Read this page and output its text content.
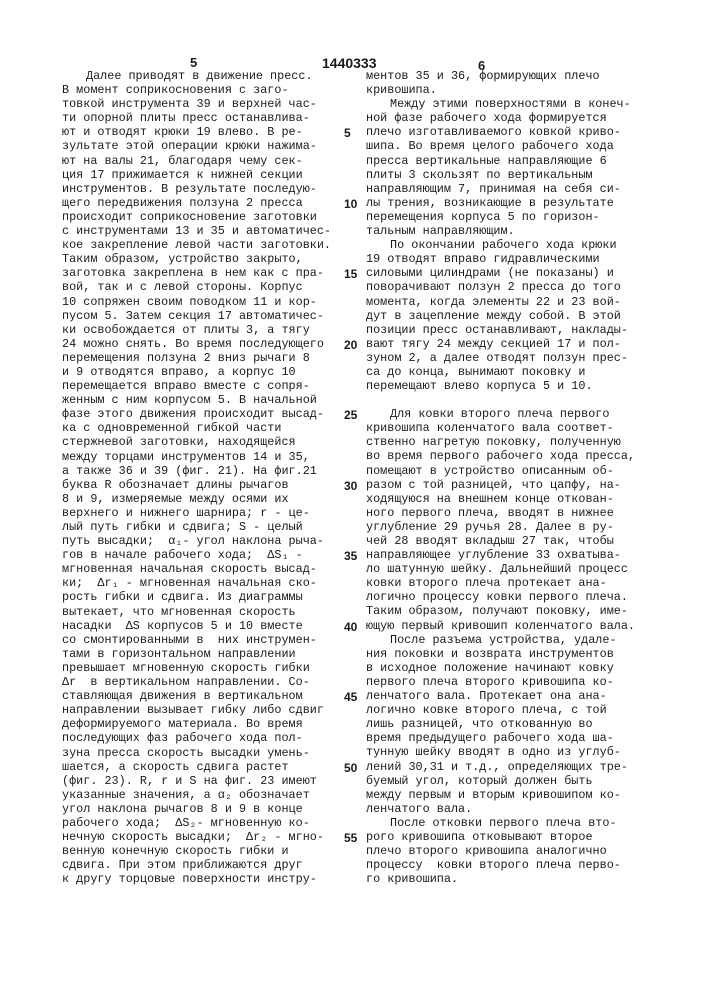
5	1440333	6
Далее приводят в движение пресс.
В момент соприкосновения с заго-
товкой инструмента 39 и верхней час-
ти опорной плиты пресс останавлива-
ют и отводят крюки 19 влево. В ре-
зультате этой операции крюки нажима-
ют на валы 21, благодаря чему сек-
ция 17 прижимается к нижней секции
инструментов. В результате последую-
щего передвижения ползуна 2 пресса
происходит соприкосновение заготовки
с инструментами 13 и 35 и автоматичес-
кое закрепление левой части заготовки.
Таким образом, устройство закрыто,
заготовка закреплена в нем как с пра-
вой, так и с левой стороны. Корпус
10 сопряжен своим поводком 11 и кор-
пусом 5. Затем секция 17 автоматичес-
ки освобождается от плиты 3, а тягу
24 можно снять. Во время последующего
перемещения ползуна 2 вниз рычаги 8
и 9 отводятся вправо, а корпус 10
перемещается вправо вместе с сопря-
женным с ним корпусом 5. В начальной
фазе этого движения происходит высад-
ка с одновременной гибкой части
стержневой заготовки, находящейся
между торцами инструментов 14 и 35,
а также 36 и 39 (фиг. 21). На фиг.21
буква R обозначает длины рычагов
8 и 9, измеряемые между осями их
верхнего и нижнего шарнира; r - це-
лый путь гибки и сдвига; S - целый
путь высадки;  α₁- угол наклона рыча-
гов в начале рабочего хода;  ΔS₁ -
мгновенная начальная скорость высад-
ки;  Δr₁ - мгновенная начальная ско-
рость гибки и сдвига. Из диаграммы
вытекает, что мгновенная скорость
насадки  ΔS корпусов 5 и 10 вместе
со смонтированными в  них инструмен-
тами в горизонтальном направлении
превышает мгновенную скорость гибки
Δr  в вертикальном направлении. Со-
ставляющая движения в вертикальном
направлении вызывает гибку либо сдвиг
деформируемого материала. Во время
последующих фаз рабочего хода пол-
зуна пресса скорость высадки умень-
шается, а скорость сдвига растет
(фиг. 23). R, r и S на фиг. 23 имеют
указанные значения, а α₂ обозначает
угол наклона рычагов 8 и 9 в конце
рабочего хода;  ΔS₂- мгновенную ко-
нечную скорость высадки;  Δr₂ - мгно-
венную конечную скорость гибки и
сдвига. При этом приближаются друг
к другу торцовые поверхности инстру-
5
10
15
20
25
30
35
40
45
50
55
ментов 35 и 36, формирующих плечо
кривошипа.
Между этими поверхностями в конеч-
ной фазе рабочего хода формируется
плечо изготавливаемого ковкой криво-
шипа. Во время целого рабочего хода
пресса вертикальные направляющие 6
плиты 3 скользят по вертикальным
направляющим 7, принимая на себя си-
лы трения, возникающие в результате
перемещения корпуса 5 по горизон-
тальным направляющим.
По окончании рабочего хода крюки
19 отводят вправо гидравлическими
силовыми цилиндрами (не показаны) и
поворачивают ползун 2 пресса до того
момента, когда элементы 22 и 23 вой-
дут в зацепление между собой. В этой
позиции пресс останавливают, наклады-
вают тягу 24 между секцией 17 и пол-
зуном 2, а далее отводят ползун прес-
са до конца, вынимают поковку и
перемещают влево корпуса 5 и 10.
Для ковки второго плеча первого
кривошипа коленчатого вала соответ-
ственно нагретую поковку, полученную
во время первого рабочего хода пресса,
помещают в устройство описанным об-
разом с той разницей, что цапфу, на-
ходящуюся на внешнем конце откован-
ного первого плеча, вводят в нижнее
углубление 29 ручья 28. Далее в ру-
чей 28 вводят вкладыш 27 так, чтобы
направляющее углубление 33 охватыва-
ло шатунную шейку. Дальнейший процесс
ковки второго плеча протекает ана-
логично процессу ковки первого плеча.
Таким образом, получают поковку, име-
ющую первый кривошип коленчатого вала.
После разъема устройства, удале-
ния поковки и возврата инструментов
в исходное положение начинают ковку
первого плеча второго кривошипа ко-
ленчатого вала. Протекает она ана-
логично ковке второго плеча, с той
лишь разницей, что откованную во
время предыдущего рабочего хода ша-
тунную шейку вводят в одно из углуб-
лений 30,31 и т.д., определяющих тре-
буемый угол, который должен быть
между первым и вторым кривошипом ко-
ленчатого вала.
После отковки первого плеча вто-
рого кривошипа отковывают второе
плечо второго кривошипа аналогично
процессу  ковки второго плеча перво-
го кривошипа.
